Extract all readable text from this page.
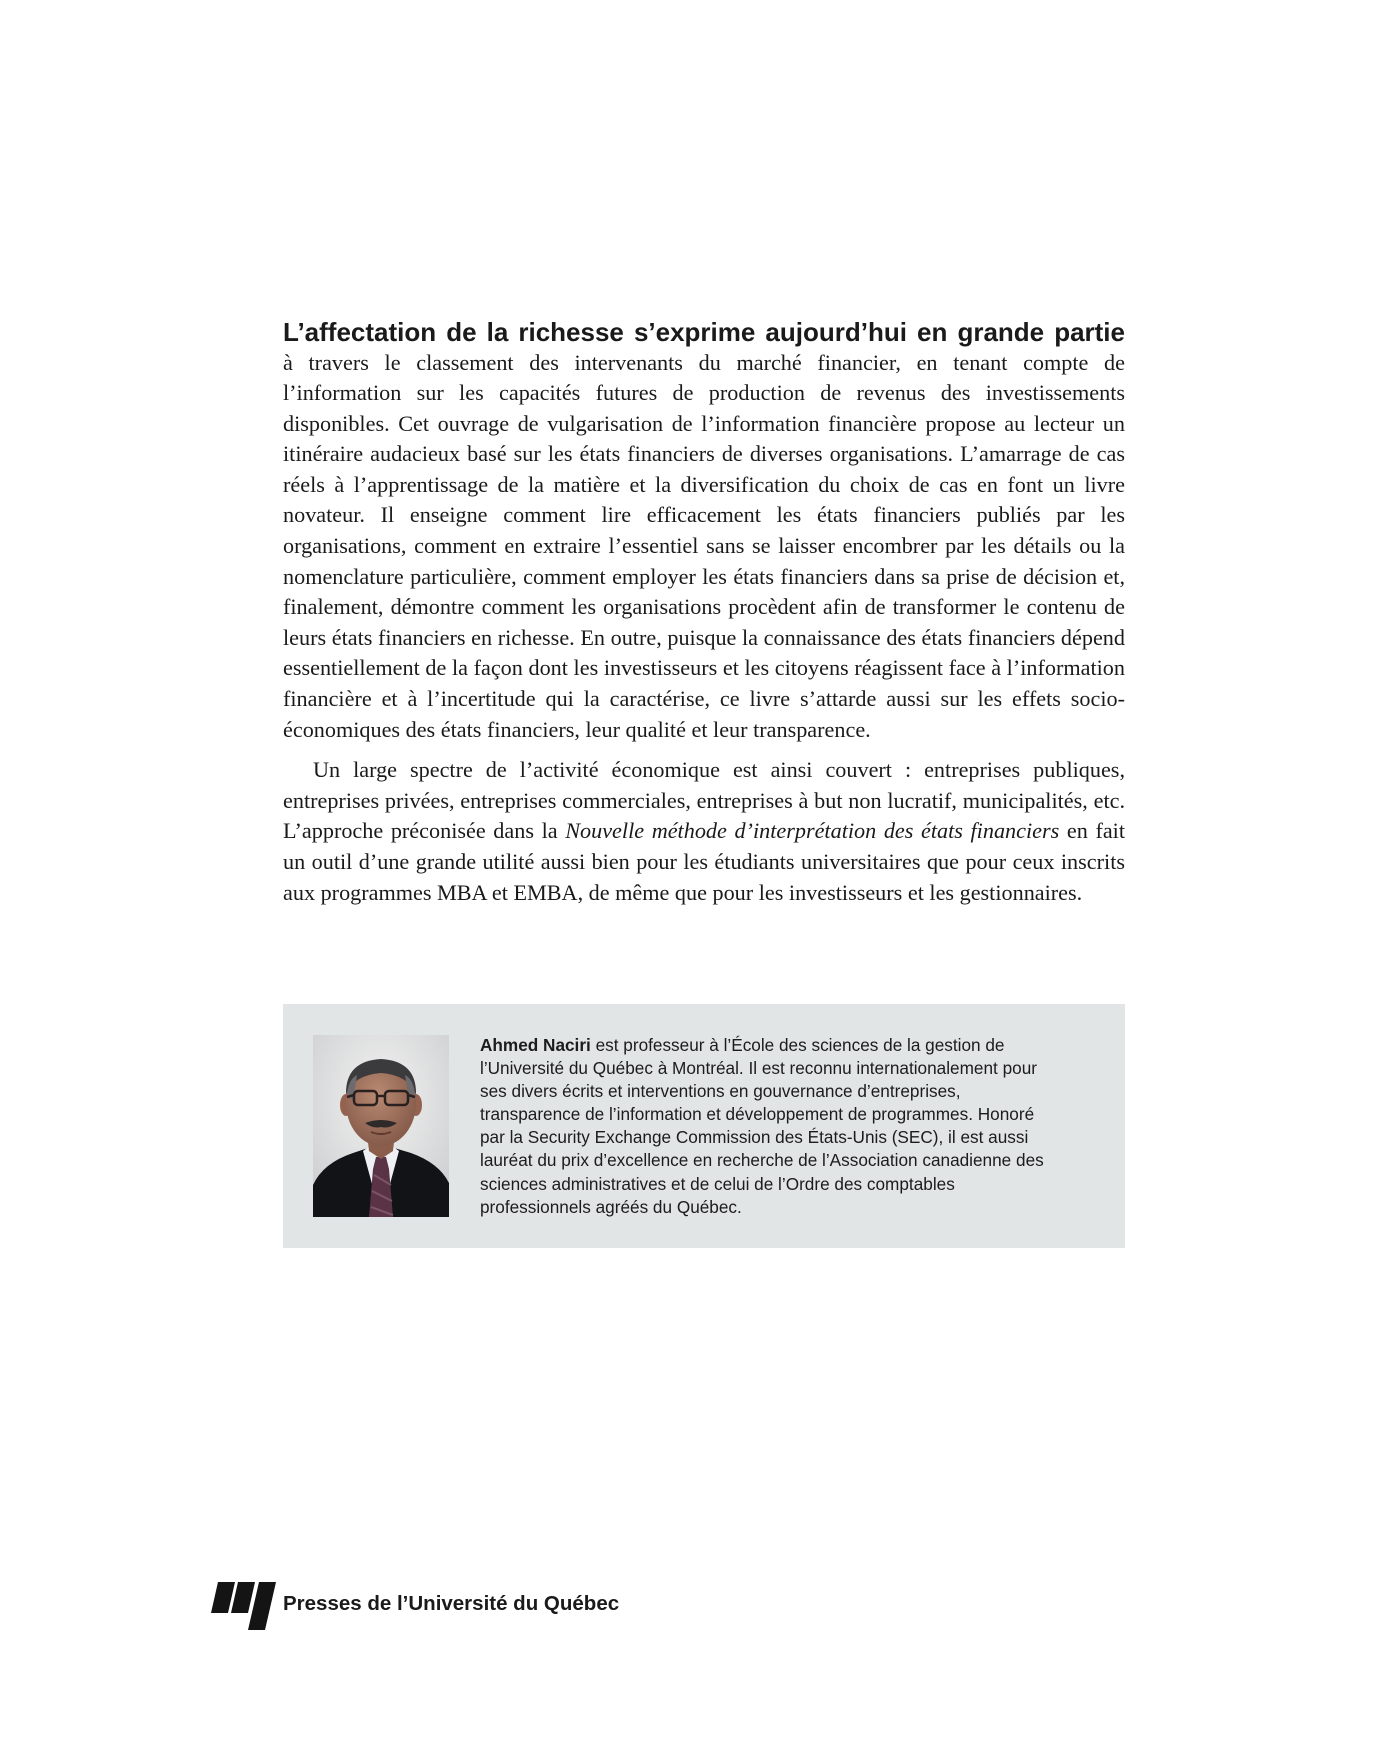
L’affectation de la richesse s’exprime aujourd’hui en grande partie

à travers le classement des intervenants du marché financier, en tenant compte de l’information sur les capacités futures de production de revenus des investissements disponibles. Cet ouvrage de vulgarisation de l’information financière propose au lecteur un itinéraire audacieux basé sur les états financiers de diverses organisations. L’amarrage de cas réels à l’apprentissage de la matière et la diversification du choix de cas en font un livre novateur. Il enseigne comment lire efficacement les états financiers publiés par les organisations, comment en extraire l’essentiel sans se laisser encombrer par les détails ou la nomenclature particulière, comment employer les états financiers dans sa prise de décision et, finalement, démontre comment les organisations procèdent afin de transformer le contenu de leurs états financiers en richesse. En outre, puisque la connaissance des états financiers dépend essentiellement de la façon dont les investisseurs et les citoyens réagissent face à l’information financière et à l’incertitude qui la caractérise, ce livre s’attarde aussi sur les effets socio-économiques des états financiers, leur qualité et leur transparence.

Un large spectre de l’activité économique est ainsi couvert : entreprises publiques, entreprises privées, entreprises commerciales, entreprises à but non lucratif, municipalités, etc. L’approche préconisée dans la Nouvelle méthode d’interprétation des états financiers en fait un outil d’une grande utilité aussi bien pour les étudiants universitaires que pour ceux inscrits aux programmes MBA et EMBA, de même que pour les investisseurs et les gestionnaires.

Ahmed Naciri est professeur à l’École des sciences de la gestion de l’Université du Québec à Montréal. Il est reconnu internationalement pour ses divers écrits et interventions en gouvernance d’entreprises, transparence de l’information et développement de programmes. Honoré par la Security Exchange Commission des États-Unis (SEC), il est aussi lauréat du prix d’excellence en recherche de l’Association canadienne des sciences administratives et de celui de l’Ordre des comptables professionnels agréés du Québec.
Presses de l’Université du Québec
